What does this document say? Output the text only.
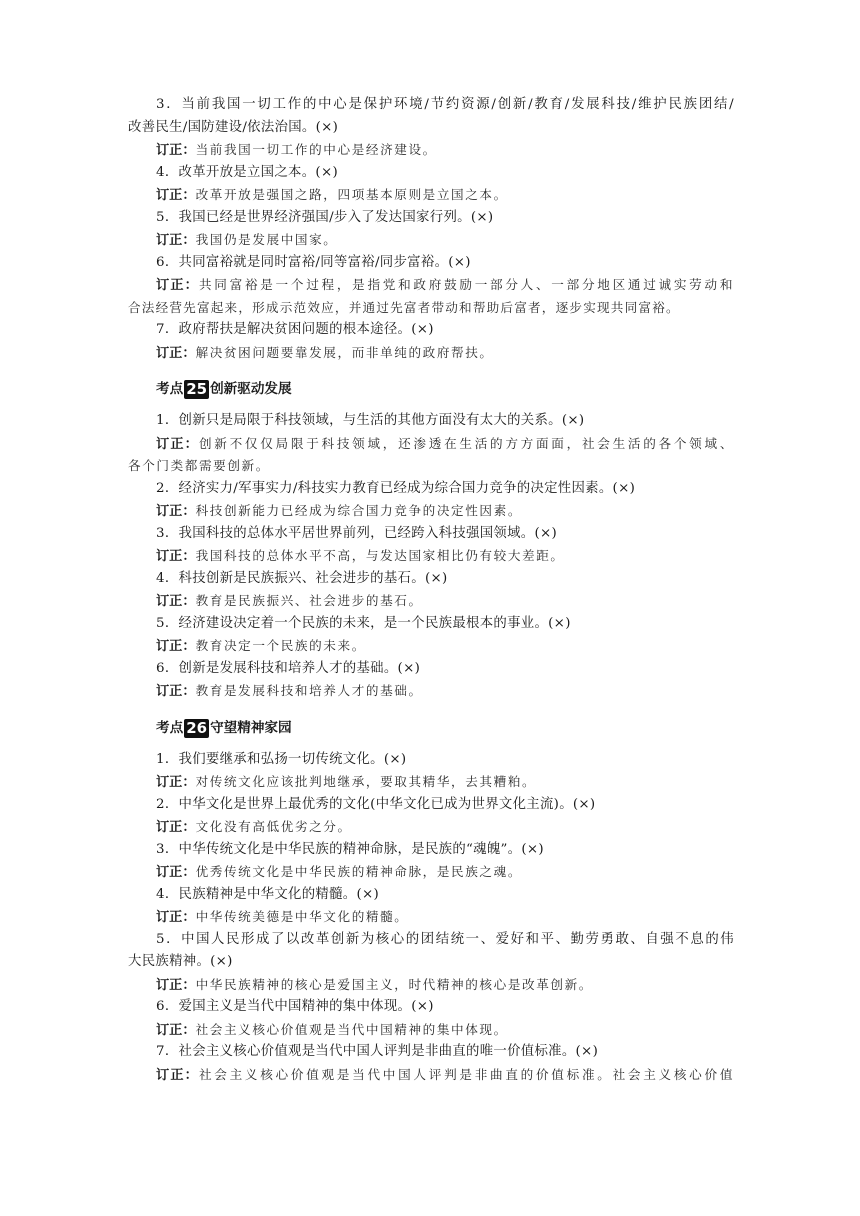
3．当前我国一切工作的中心是保护环境/节约资源/创新/教育/发展科技/维护民族团结/
改善民生/国防建设/依法治国。(×)
订正：当前我国一切工作的中心是经济建设。
4．改革开放是立国之本。(×)
订正：改革开放是强国之路，四项基本原则是立国之本。
5．我国已经是世界经济强国/步入了发达国家行列。(×)
订正：我国仍是发展中国家。
6．共同富裕就是同时富裕/同等富裕/同步富裕。(×)
订正：共同富裕是一个过程，是指党和政府鼓励一部分人、一部分地区通过诚实劳动和
合法经营先富起来，形成示范效应，并通过先富者带动和帮助后富者，逐步实现共同富裕。
7．政府帮扶是解决贫困问题的根本途径。(×)
订正：解决贫困问题要靠发展，而非单纯的政府帮扶。
考点 25 创新驱动发展
1．创新只是局限于科技领域，与生活的其他方面没有太大的关系。(×)
订正：创新不仅仅局限于科技领域，还渗透在生活的方方面面，社会生活的各个领域、
各个门类都需要创新。
2．经济实力/军事实力/科技实力教育已经成为综合国力竞争的决定性因素。(×)
订正：科技创新能力已经成为综合国力竞争的决定性因素。
3．我国科技的总体水平居世界前列，已经跨入科技强国领域。(×)
订正：我国科技的总体水平不高，与发达国家相比仍有较大差距。
4．科技创新是民族振兴、社会进步的基石。(×)
订正：教育是民族振兴、社会进步的基石。
5．经济建设决定着一个民族的未来，是一个民族最根本的事业。(×)
订正：教育决定一个民族的未来。
6．创新是发展科技和培养人才的基础。(×)
订正：教育是发展科技和培养人才的基础。
考点 26 守望精神家园
1．我们要继承和弘扬一切传统文化。(×)
订正：对传统文化应该批判地继承，要取其精华，去其糟粕。
2．中华文化是世界上最优秀的文化(中华文化已成为世界文化主流)。(×)
订正：文化没有高低优劣之分。
3．中华传统文化是中华民族的精神命脉，是民族的“魂魄”。(×)
订正：优秀传统文化是中华民族的精神命脉，是民族之魂。
4．民族精神是中华文化的精髓。(×)
订正：中华传统美德是中华文化的精髓。
5．中国人民形成了以改革创新为核心的团结统一、爱好和平、勤劳勇敢、自强不息的伟
大民族精神。(×)
订正：中华民族精神的核心是爱国主义，时代精神的核心是改革创新。
6．爱国主义是当代中国精神的集中体现。(×)
订正：社会主义核心价值观是当代中国精神的集中体现。
7．社会主义核心价值观是当代中国人评判是非曲直的唯一价值标准。(×)
订正：社会主义核心价值观是当代中国人评判是非曲直的价值标准。社会主义核心价值
